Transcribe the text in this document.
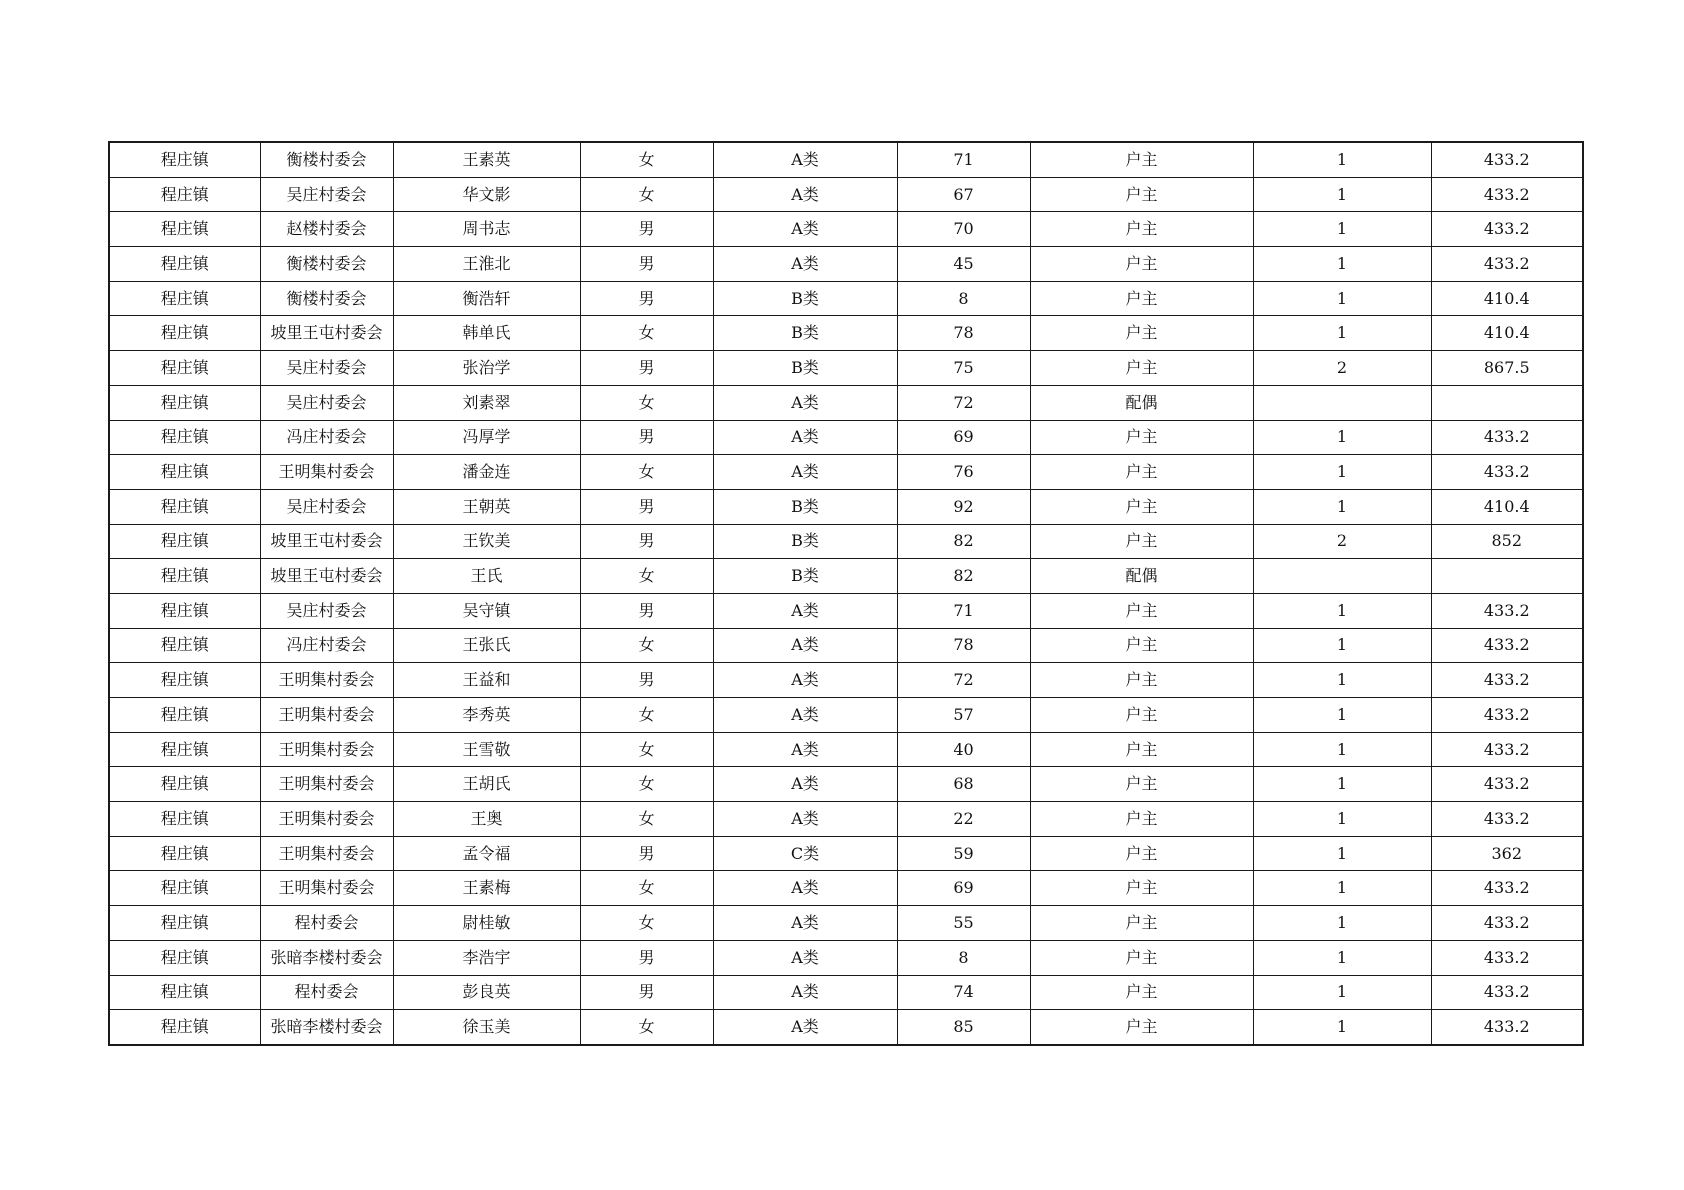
程庄镇	衡楼村委会	王素英	女	A类	71	户主	1	433.2
程庄镇	吴庄村委会	华文影	女	A类	67	户主	1	433.2
程庄镇	赵楼村委会	周书志	男	A类	70	户主	1	433.2
程庄镇	衡楼村委会	王淮北	男	A类	45	户主	1	433.2
程庄镇	衡楼村委会	衡浩轩	男	B类	8	户主	1	410.4
程庄镇	坡里王屯村委会	韩单氏	女	B类	78	户主	1	410.4
程庄镇	吴庄村委会	张治学	男	B类	75	户主	2	867.5
程庄镇	吴庄村委会	刘素翠	女	A类	72	配偶		
程庄镇	冯庄村委会	冯厚学	男	A类	69	户主	1	433.2
程庄镇	王明集村委会	潘金连	女	A类	76	户主	1	433.2
程庄镇	吴庄村委会	王朝英	男	B类	92	户主	1	410.4
程庄镇	坡里王屯村委会	王钦美	男	B类	82	户主	2	852
程庄镇	坡里王屯村委会	王氏	女	B类	82	配偶		
程庄镇	吴庄村委会	吴守镇	男	A类	71	户主	1	433.2
程庄镇	冯庄村委会	王张氏	女	A类	78	户主	1	433.2
程庄镇	王明集村委会	王益和	男	A类	72	户主	1	433.2
程庄镇	王明集村委会	李秀英	女	A类	57	户主	1	433.2
程庄镇	王明集村委会	王雪敬	女	A类	40	户主	1	433.2
程庄镇	王明集村委会	王胡氏	女	A类	68	户主	1	433.2
程庄镇	王明集村委会	王奥	女	A类	22	户主	1	433.2
程庄镇	王明集村委会	孟令福	男	C类	59	户主	1	362
程庄镇	王明集村委会	王素梅	女	A类	69	户主	1	433.2
程庄镇	程村委会	尉桂敏	女	A类	55	户主	1	433.2
程庄镇	张暗李楼村委会	李浩宇	男	A类	8	户主	1	433.2
程庄镇	程村委会	彭良英	男	A类	74	户主	1	433.2
程庄镇	张暗李楼村委会	徐玉美	女	A类	85	户主	1	433.2
